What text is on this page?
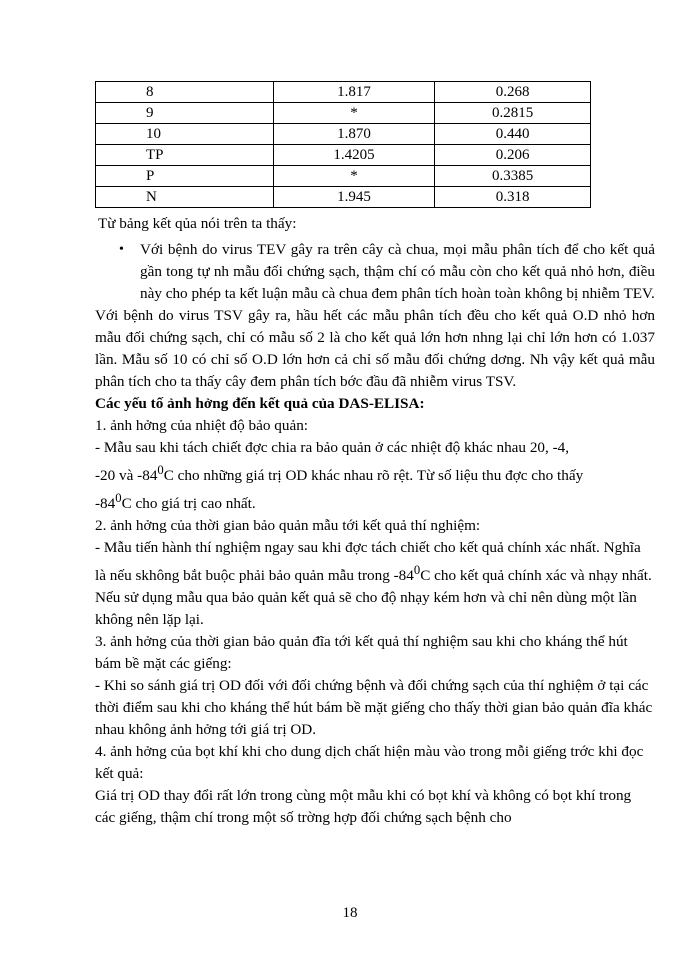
8	1.817	0.268
9	*	0.2815
10	1.870	0.440
TP	1.4205	0.206
P	*	0.3385
N	1.945	0.318

Từ bảng kết qủa nói trên ta thấy:

• Với bệnh do virus TEV gây ra trên cây cà chua, mọi mẫu phân tích để cho kết quả gần tong tự nh mẫu đối chứng sạch, thậm chí có mẫu còn cho kết quả nhỏ hơn, điều này cho phép ta kết luận mẫu cà chua đem phân tích hoàn toàn không bị nhiễm TEV.

Với bệnh do virus TSV gây ra, hầu hết các mẫu phân tích đều cho kết quả O.D nhỏ hơn mẫu đối chứng sạch, chỉ có mẫu số 2 là cho kết quả lớn hơn nhng lại chỉ lớn hơn có 1.037 lần. Mẫu số 10 có chỉ số O.D lớn hơn cả chỉ số mẫu đối chứng dơng. Nh vậy kết quả mẫu phân tích cho ta thấy cây đem phân tích bớc đầu đã nhiễm virus TSV.

Các yếu tố ảnh hởng đến kết quả của DAS-ELISA:

1. ảnh hởng của nhiệt độ bảo quản:

- Mẫu sau khi tách chiết đợc chia ra bảo quản ở các nhiệt độ khác nhau 20, -4,

-20 và $-84^0C$ cho những giá trị OD khác nhau rõ rệt. Từ số liệu thu đợc cho thấy

$-84^0C$ cho giá trị cao nhất.

2. ảnh hởng của thời gian bảo quản mẫu tới kết quả thí nghiệm:

- Mẫu tiến hành thí nghiệm ngay sau khi đợc tách chiết cho kết quả chính xác nhất. Nghĩa là nếu skhông bắt buộc phải bảo quản mẫu trong $-84^0C$ cho kết quả chính xác và nhạy nhất. Nếu sử dụng mẫu qua bảo quản kết quả sẽ cho độ nhạy kém hơn và chỉ nên dùng một lần không nên lặp lại.

3. ảnh hởng của thời gian bảo quản đĩa tới kết quả thí nghiệm sau khi cho kháng thể hút bám bề mặt các giếng:

- Khi so sánh giá trị OD đối với đối chứng bệnh và đối chứng sạch của thí nghiệm ở tại các thời điểm sau khi cho kháng thể hút bám bề mặt giếng cho thấy thời gian bảo quản đĩa khác nhau không ảnh hởng tới giá trị OD.

4. ảnh hởng của bọt khí khi cho dung dịch chất hiện màu vào trong mỗi giếng trớc khi đọc kết quả:

Giá trị OD thay đổi rất lớn trong cùng một mẫu khi có bọt khí và không có bọt khí trong các giếng, thậm chí trong một số trờng hợp đối chứng sạch bệnh cho

18
